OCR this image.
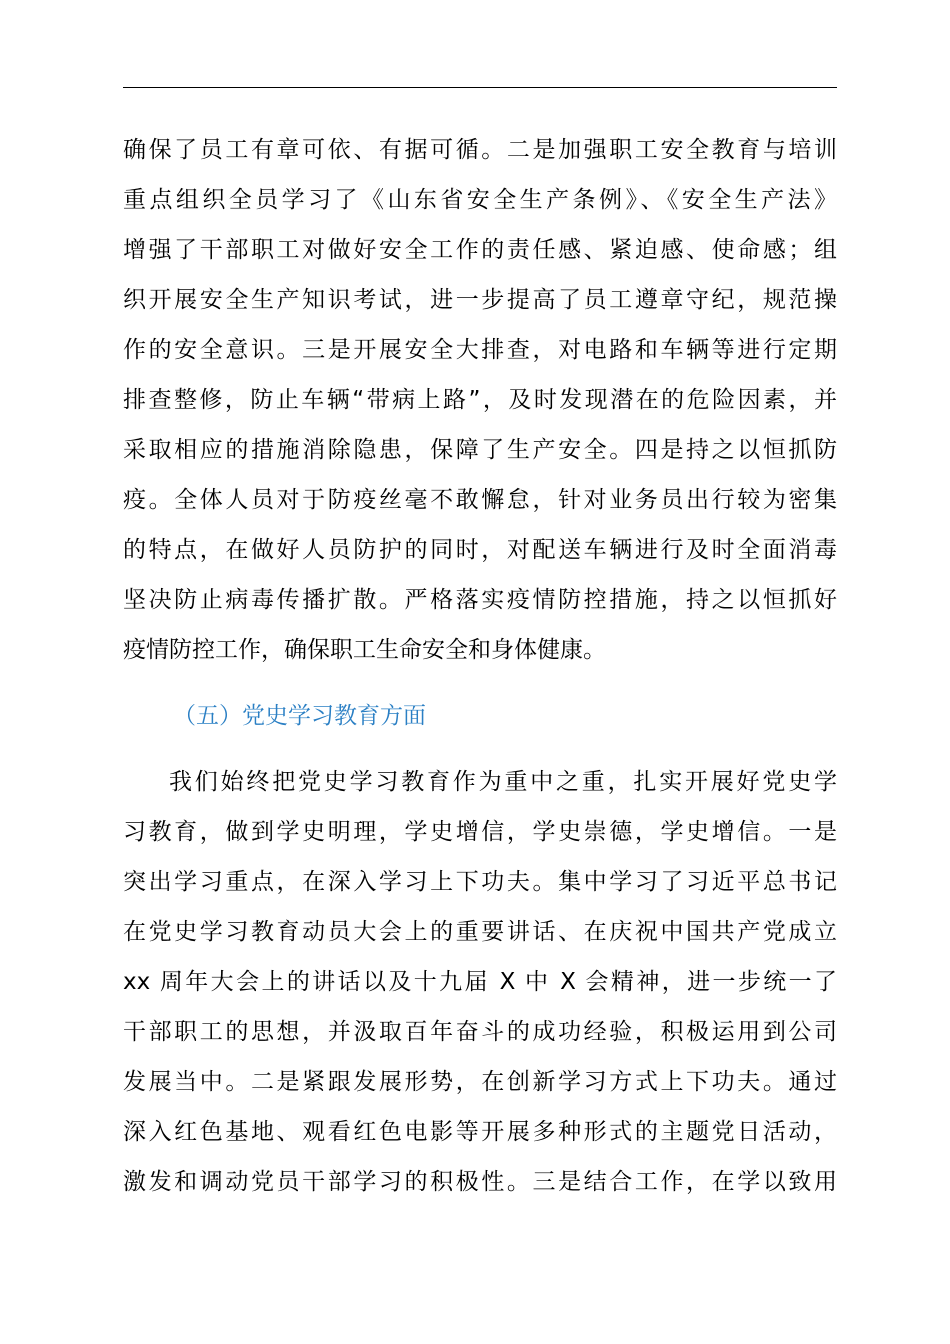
确保了员工有章可依、有据可循。二是加强职工安全教育与培训
重点组织全员学习了《山东省安全生产条例》、《安全生产法》
增强了干部职工对做好安全工作的责任感、紧迫感、使命感；组
织开展安全生产知识考试，进一步提高了员工遵章守纪，规范操
作的安全意识。三是开展安全大排查，对电路和车辆等进行定期
排查整修，防止车辆“带病上路”，及时发现潜在的危险因素，并
采取相应的措施消除隐患，保障了生产安全。四是持之以恒抓防
疫。全体人员对于防疫丝毫不敢懈怠，针对业务员出行较为密集
的特点，在做好人员防护的同时，对配送车辆进行及时全面消毒
坚决防止病毒传播扩散。严格落实疫情防控措施，持之以恒抓好
疫情防控工作，确保职工生命安全和身体健康。
（五）党史学习教育方面
我们始终把党史学习教育作为重中之重，扎实开展好党史学
习教育，做到学史明理，学史增信，学史崇德，学史增信。一是
突出学习重点，在深入学习上下功夫。集中学习了习近平总书记
在党史学习教育动员大会上的重要讲话、在庆祝中国共产党成立
xx 周年大会上的讲话以及十九届 X 中 X 会精神，进一步统一了
干部职工的思想，并汲取百年奋斗的成功经验，积极运用到公司
发展当中。二是紧跟发展形势，在创新学习方式上下功夫。通过
深入红色基地、观看红色电影等开展多种形式的主题党日活动，
激发和调动党员干部学习的积极性。三是结合工作，在学以致用
